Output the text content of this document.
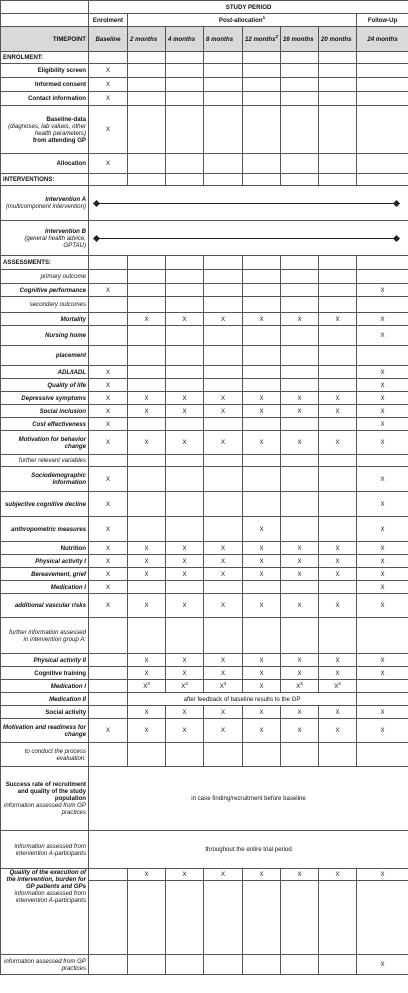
	STUDY PERIOD							
	Enrolment	Post-allocation$^1$						Follow-Up
TIMEPOINT	Baseline	2 months	4 months	8 months	12 months$^2$	16 months	20 months	24 months
ENROLMENT:								
Eligibility screen	X							
Informed consent	X							
Contact information	X							

Baseline-data
(diagnoses, lab values, other health parameters)
from attending GP	X							
Allocation	X							
INTERVENTIONS:								

Intervention A
(multicomponent intervention)								

Intervention B
(general health advice, GPTAU)								

ASSESSMENTS:								
primary outcome								
Cognitive performance	X							X
secondary outcomes								
Mortality		X	X	X	X	X	X	X
Nursing home								X
placement								
ADL/IADL	X							X
Quality of life	X							X
Depressive symptoms	X	X	X	X	X	X	X	X
Social inclusion	X	X	X	X	X	X	X	X
Cost effectiveness	X							X
Motivation for behavior change	X	X	X	X	X	X	X	X
further relevant variables								
Sociodemographic information	X							X
subjective cognitive decline	X							X
anthropometric measures	X				X			X
Nutrition	X	X	X	X	X	X	X	X
Physical activity I	X	X	X	X	X	X	X	X
Bereavement, grief	X	X	X	X	X	X	X	X
Medication I	X							X
additional vascular risks	X	X	X	X	X	X	X	X
further information assessed in intervention group A:								
Physical activity II		X	X	X	X	X	X	X
Cognitive training		X	X	X	X	X	X	X
Medication I		$X^3$	$X^3$	$X^3$	X	$X^3$	$X^3$	
Medication II		after feedback of baseline results to the GP						
Social activity		X	X	X	X	X	X	X
Motivation and readiness for change	X	X	X	X	X	X	X	X
to conduct the process evaluation:								

Success rate of recruitment and quality of the study population
information assessed from GP practices	in case finding/recruitment before baseline							
information assessed from intervention A-participants	throughout the entire trial period							

Quality of the execution of the intervention, burden for GP patients and GPs
information assessed from intervention A-participants		X	X	X	X	X	X	X

information assessed from GP practices								X
